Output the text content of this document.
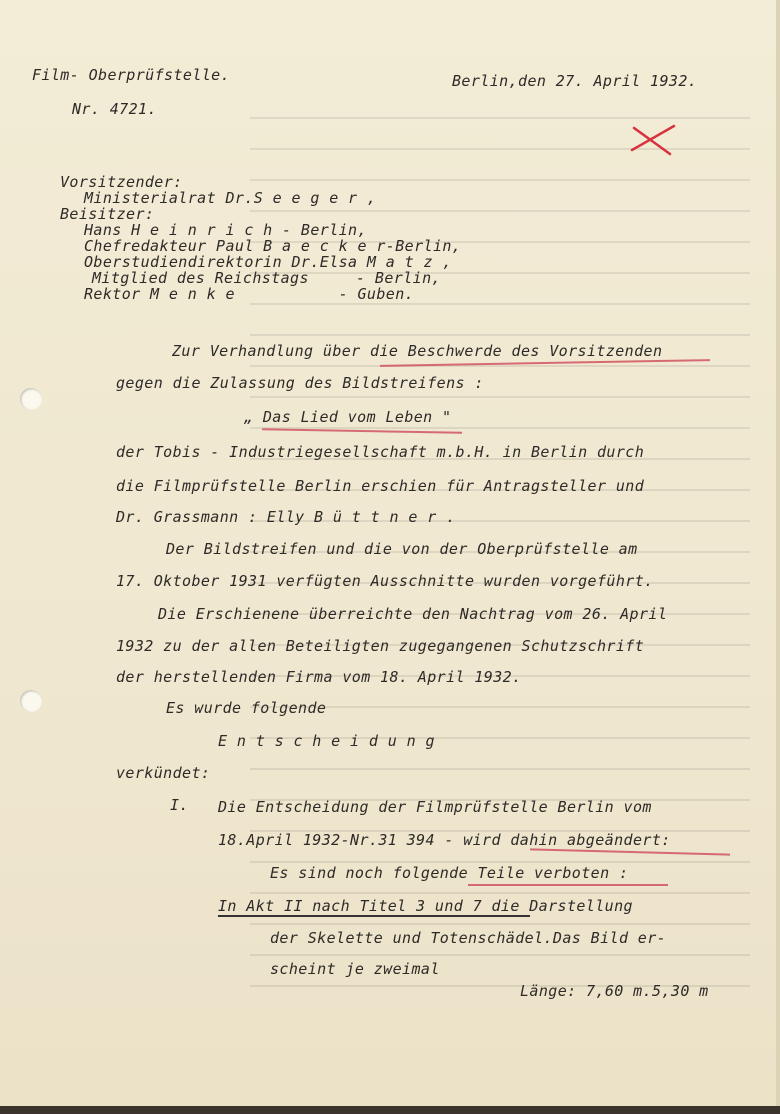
Film- Oberprüfstelle.	Berlin,den 27. April 1932.
Nr. 4721.
Vorsitzender:
Ministerialrat Dr.S e e g e r ,
Beisitzer:
Hans H e i n r i c h - Berlin,
Chefredakteur Paul B a e c k e r-Berlin,
Oberstudiendirektorin Dr.Elsa M a t z ,
Mitglied des Reichstags     - Berlin,
Rektor M e n k e           - Guben.
Zur Verhandlung über die Beschwerde des Vorsitzenden
gegen die Zulassung des Bildstreifens :
„ Das Lied vom Leben "
der Tobis - Industriegesellschaft m.b.H. in Berlin durch
die Filmprüfstelle Berlin erschien für Antragsteller und
Dr. Grassmann : Elly B ü t t n e r .
Der Bildstreifen und die von der Oberprüfstelle am
17. Oktober 1931 verfügten Ausschnitte wurden vorgeführt.
Die Erschienene überreichte den Nachtrag vom 26. April
1932 zu der allen Beteiligten zugegangenen Schutzschrift
der herstellenden Firma vom 18. April 1932.
Es wurde folgende
E n t s c h e i d u n g
verkündet:
I. Die Entscheidung der Filmprüfstelle Berlin vom
18.April 1932-Nr.31 394 - wird dahin abgeändert:
Es sind noch folgende Teile verboten :
In Akt II nach Titel 3 und 7 die Darstellung
der Skelette und Totenschädel.Das Bild er-
scheint je zweimal
Länge: 7,60 m.5,30 m
